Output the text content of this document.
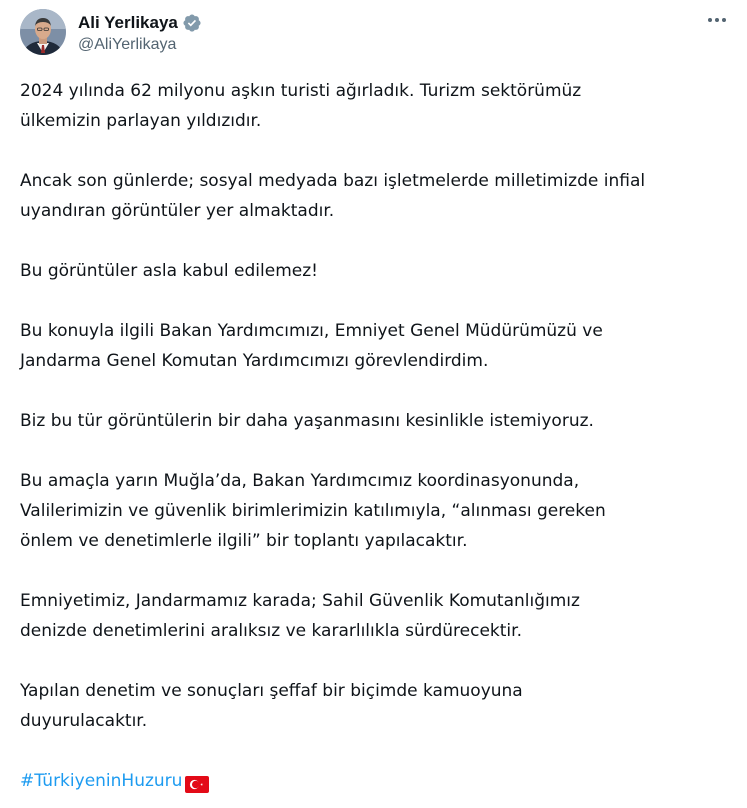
Ali Yerlikaya
@AliYerlikaya

2024 yılında 62 milyonu aşkın turisti ağırladık. Turizm sektörümüz
ülkemizin parlayan yıldızıdır.

Ancak son günlerde; sosyal medyada bazı işletmelerde milletimizde infial
uyandıran görüntüler yer almaktadır.

Bu görüntüler asla kabul edilemez!

Bu konuyla ilgili Bakan Yardımcımızı, Emniyet Genel Müdürümüzü ve
Jandarma Genel Komutan Yardımcımızı görevlendirdim.

Biz bu tür görüntülerin bir daha yaşanmasını kesinlikle istemiyoruz.

Bu amaçla yarın Muğla’da, Bakan Yardımcımız koordinasyonunda,
Valilerimizin ve güvenlik birimlerimizin katılımıyla, “alınması gereken
önlem ve denetimlerle ilgili” bir toplantı yapılacaktır.

Emniyetimiz, Jandarmamız karada; Sahil Güvenlik Komutanlığımız
denizde denetimlerini aralıksız ve kararlılıkla sürdürecektir.

Yapılan denetim ve sonuçları şeffaf bir biçimde kamuoyuna
duyurulacaktır.

#TürkiyeninHuzuru
